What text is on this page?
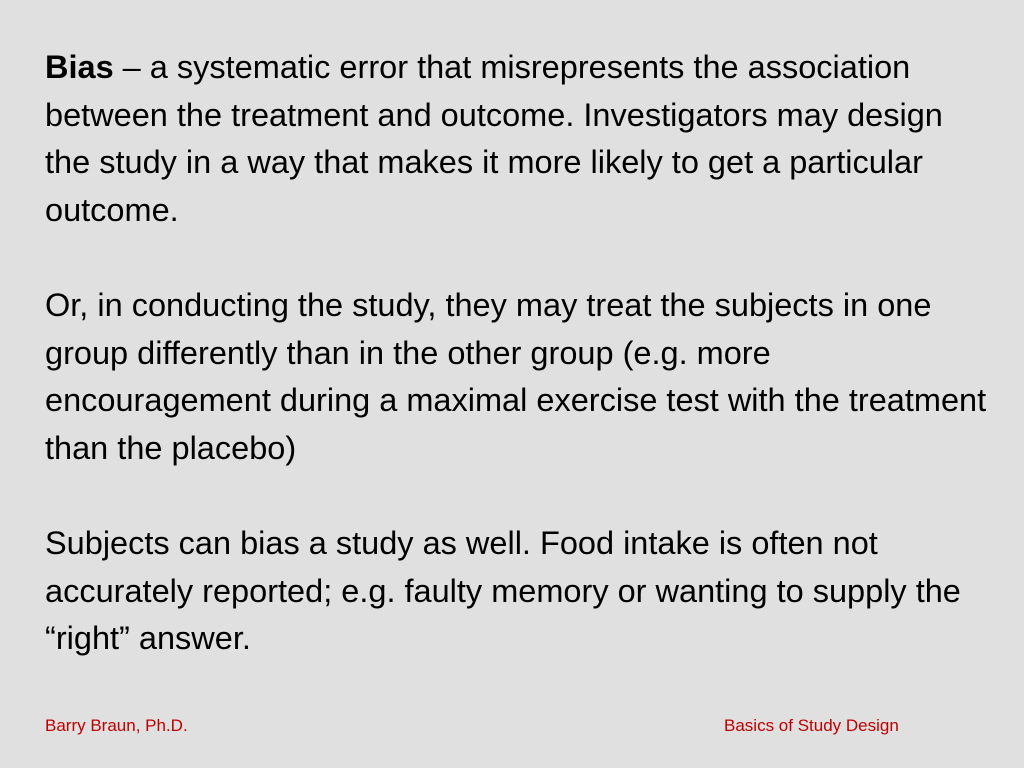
Bias – a systematic error that misrepresents the association between the treatment and outcome. Investigators may design the study in a way that makes it more likely to get a particular outcome.

Or, in conducting the study, they may treat the subjects in one group differently than in the other group (e.g. more encouragement during a maximal exercise test with the treatment than the placebo)

Subjects can bias a study as well. Food intake is often not accurately reported; e.g. faulty memory or wanting to supply the “right” answer.

Barry Braun, Ph.D.	Basics of Study Design
